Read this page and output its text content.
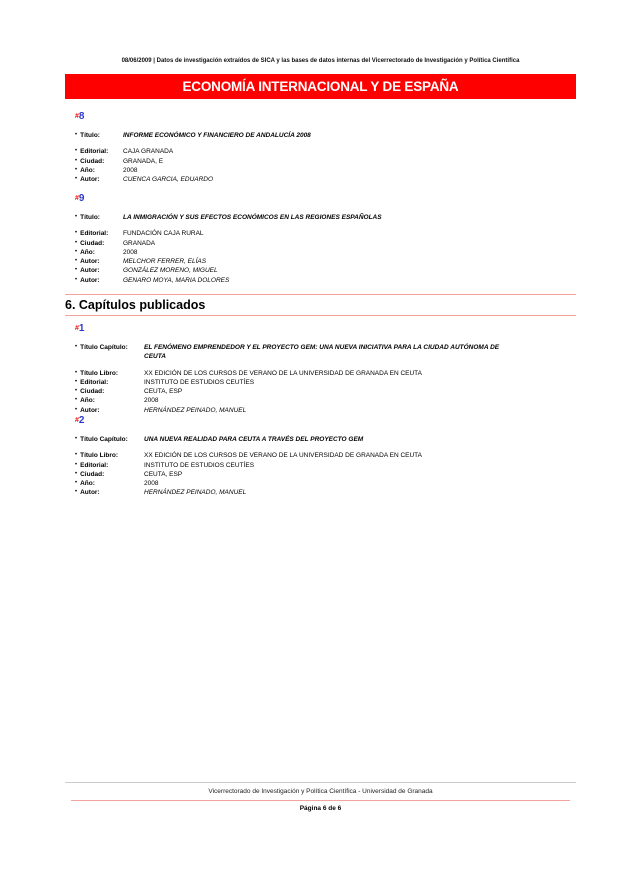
08/06/2009 | Datos de investigación extraídos de SICA y las bases de datos internas del Vicerrectorado de Investigación y Política Científica
ECONOMÍA INTERNACIONAL Y DE ESPAÑA
#8
• Título:	INFORME ECONÓMICO Y FINANCIERO DE ANDALUCÍA 2008
• Editorial: CAJA GRANADA
• Ciudad:	GRANADA, E
• Año:	2008
• Autor:	CUENCA GARCIA, EDUARDO
#9
• Título:	LA INMIGRACIÓN Y SUS EFECTOS ECONÓMICOS EN LAS REGIONES ESPAÑOLAS
• Editorial: FUNDACIÓN CAJA RURAL
• Ciudad:	GRANADA
• Año:	2008
• Autor:	MELCHOR FERRER, ELÍAS
• Autor:	GONZÁLEZ MORENO, MIGUEL
• Autor:	GENARO MOYA, MARIA DOLORES
6. Capítulos publicados
#1
• Título Capítulo: EL FENÓMENO EMPRENDEDOR Y EL PROYECTO GEM: UNA NUEVA INICIATIVA PARA LA CIUDAD AUTÓNOMA DE CEUTA
• Título Libro:	XX EDICIÓN DE LOS CURSOS DE VERANO DE LA UNIVERSIDAD DE GRANADA EN CEUTA
• Editorial:	INSTITUTO DE ESTUDIOS CEUTÍES
• Ciudad:	CEUTA, ESP
• Año:	2008
• Autor:	HERNÁNDEZ PEINADO, MANUEL
#2
• Título Capítulo: UNA NUEVA REALIDAD PARA CEUTA A TRAVÉS DEL PROYECTO GEM
• Título Libro:	XX EDICIÓN DE LOS CURSOS DE VERANO DE LA UNIVERSIDAD DE GRANADA EN CEUTA
• Editorial:	INSTITUTO DE ESTUDIOS CEUTÍES
• Ciudad:	CEUTA, ESP
• Año:	2008
• Autor:	HERNÁNDEZ PEINADO, MANUEL
Vicerrectorado de Investigación y Política Científica - Universidad de Granada
Página 6 de 6
